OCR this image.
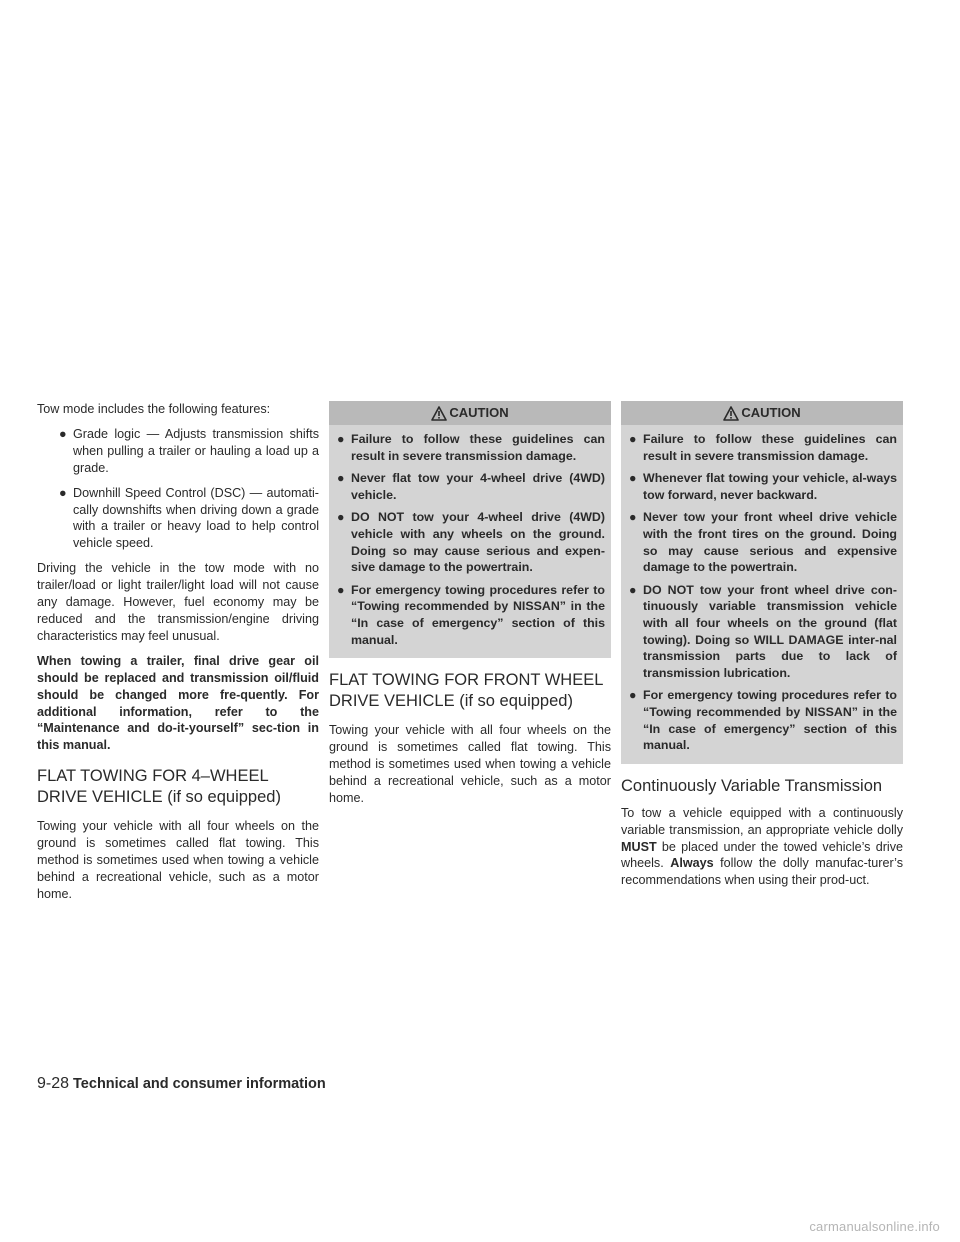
Tow mode includes the following features:

● Grade logic — Adjusts transmission shifts when pulling a trailer or hauling a load up a grade.
● Downhill Speed Control (DSC) — automati-cally downshifts when driving down a grade with a trailer or heavy load to help control vehicle speed.

Driving the vehicle in the tow mode with no trailer/load or light trailer/light load will not cause any damage. However, fuel economy may be reduced and the transmission/engine driving characteristics may feel unusual.

When towing a trailer, final drive gear oil should be replaced and transmission oil/fluid should be changed more fre-quently. For additional information, refer to the “Maintenance and do-it-yourself” sec-tion in this manual.

FLAT TOWING FOR 4–WHEEL
DRIVE VEHICLE (if so equipped)

Towing your vehicle with all four wheels on the ground is sometimes called flat towing. This method is sometimes used when towing a vehicle behind a recreational vehicle, such as a motor home.

CAUTION
● Failure to follow these guidelines can result in severe transmission damage.
● Never flat tow your 4-wheel drive (4WD) vehicle.
● DO NOT tow your 4-wheel drive (4WD) vehicle with any wheels on the ground. Doing so may cause serious and expen-sive damage to the powertrain.
● For emergency towing procedures refer to “Towing recommended by NISSAN” in the “In case of emergency” section of this manual.
FLAT TOWING FOR FRONT WHEEL
DRIVE VEHICLE (if so equipped)

Towing your vehicle with all four wheels on the ground is sometimes called flat towing. This method is sometimes used when towing a vehicle behind a recreational vehicle, such as a motor home.

CAUTION
● Failure to follow these guidelines can result in severe transmission damage.
● Whenever flat towing your vehicle, al-ways tow forward, never backward.
● Never tow your front wheel drive vehicle with the front tires on the ground. Doing so may cause serious and expensive damage to the powertrain.
● DO NOT tow your front wheel drive con-tinuously variable transmission vehicle with all four wheels on the ground (flat towing). Doing so WILL DAMAGE inter-nal transmission parts due to lack of transmission lubrication.
● For emergency towing procedures refer to “Towing recommended by NISSAN” in the “In case of emergency” section of this manual.
Continuously Variable Transmission

To tow a vehicle equipped with a continuously variable transmission, an appropriate vehicle dolly MUST be placed under the towed vehicle’s drive wheels. Always follow the dolly manufac-turer’s recommendations when using their prod-uct.

9-28 Technical and consumer information
carmanualsonline.info
